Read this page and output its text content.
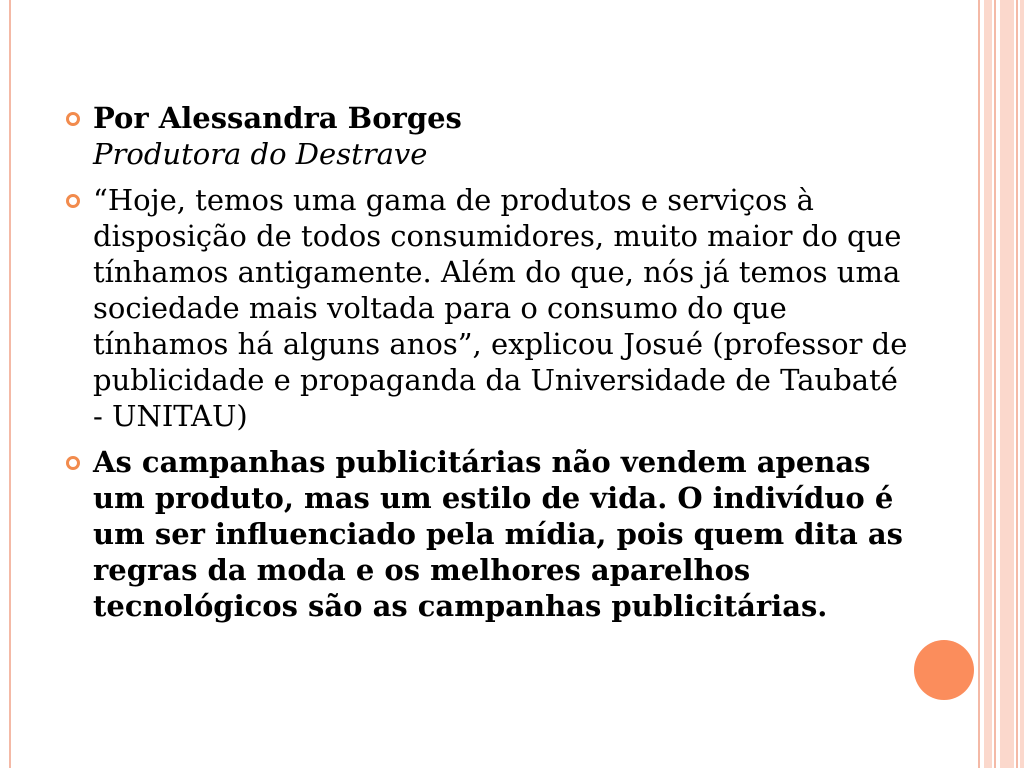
Por Alessandra Borges
Produtora do Destrave
“Hoje, temos uma gama de produtos e serviços à disposição de todos consumidores, muito maior do que tínhamos antigamente. Além do que, nós já temos uma sociedade mais voltada para o consumo do que tínhamos há alguns anos”, explicou Josué (professor de publicidade e propaganda da Universidade de Taubaté - UNITAU)
As campanhas publicitárias não vendem apenas um produto, mas um estilo de vida. O indivíduo é um ser influenciado pela mídia, pois quem dita as regras da moda e os melhores aparelhos tecnológicos são as campanhas publicitárias.
